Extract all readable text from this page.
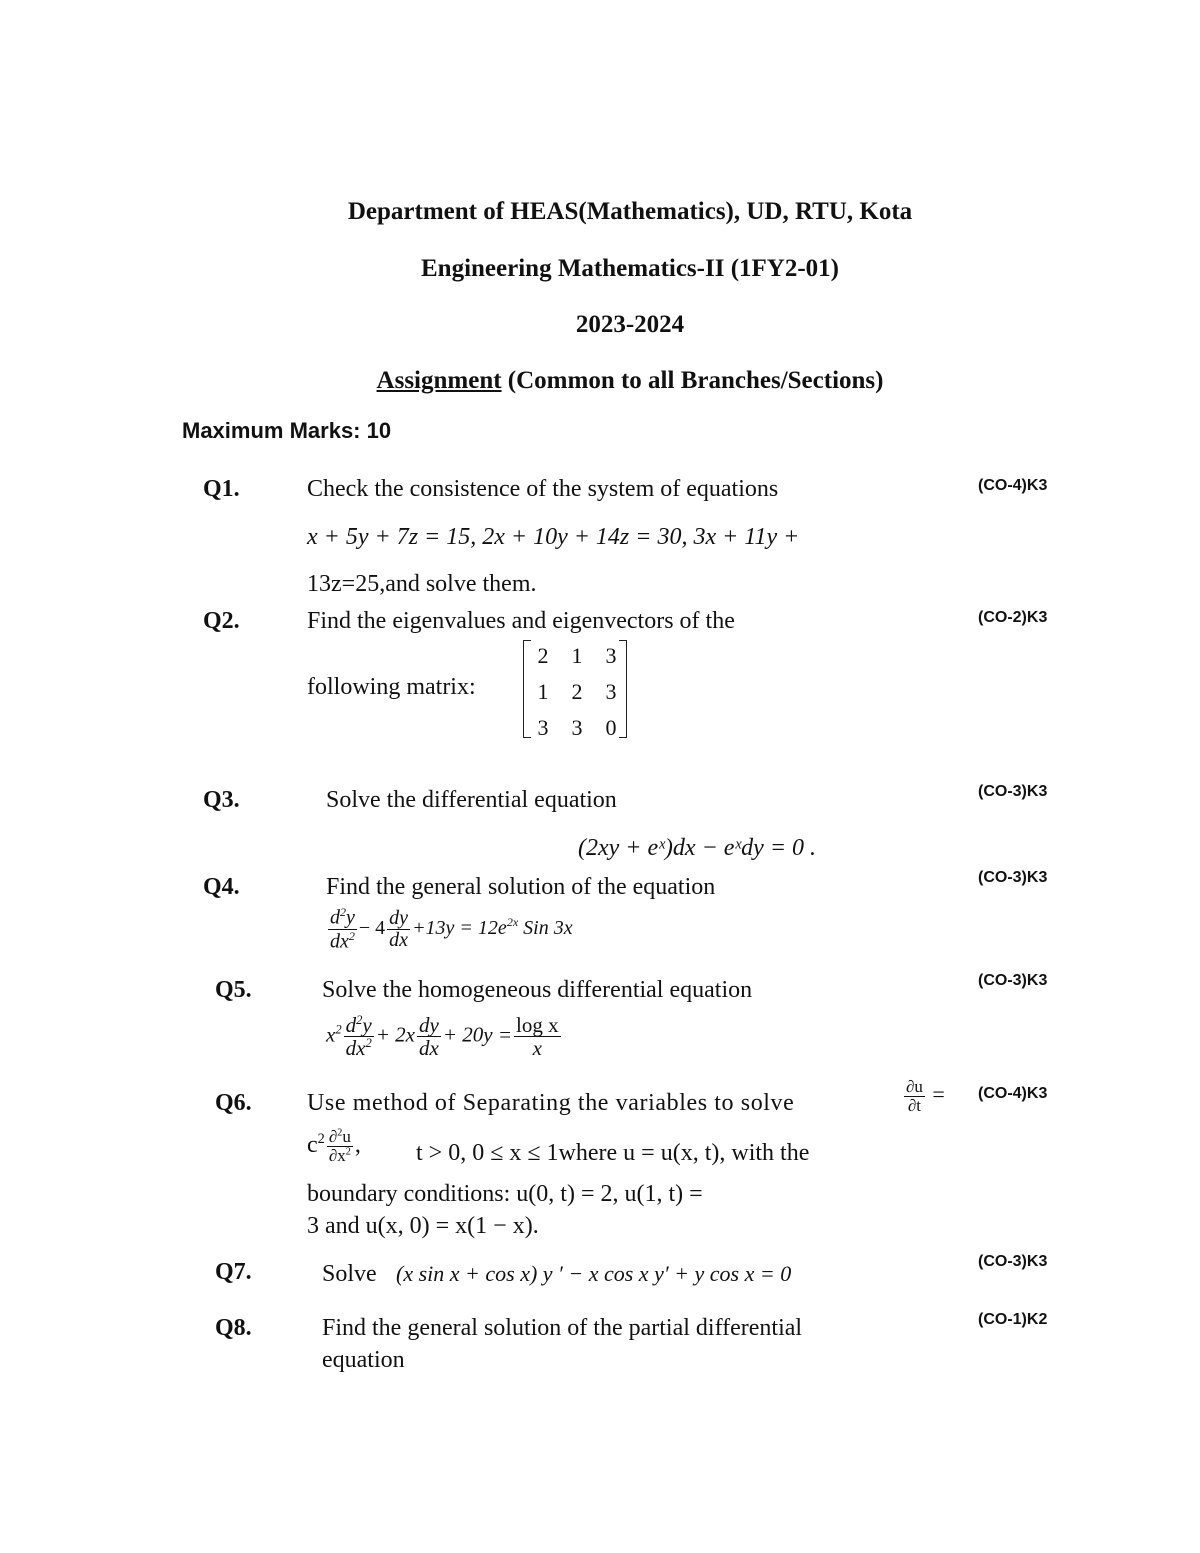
Department of HEAS(Mathematics), UD, RTU, Kota
Engineering Mathematics-II (1FY2-01)
2023-2024
Assignment (Common to all Branches/Sections)
Maximum Marks: 10
Q1.	Check the consistence of the system of equations	(CO-4)K3
x + 5y + 7z = 15, 2x + 10y + 14z = 30, 3x + 11y +
13z=25,and solve them.
Q2.	Find the eigenvalues and eigenvectors of the	(CO-2)K3
following matrix:
2	1	3
1	2	3
3	3	0
Q3.	Solve the differential equation	(CO-3)K3
(2xy + eˣ)dx − eˣdy = 0 .
Q4.	Find the general solution of the equation	(CO-3)K3
$\frac{d^2y}{dx^2} - 4 \frac{dy}{dx} +13y = 12e^{2x}$ Sin 3x
Q5.	Solve the homogeneous differential equation	(CO-3)K3
$x^2 \frac{d^2y}{dx^2} + 2x \frac{dy}{dx} + 20y = \frac{\text{log x}}{x}$
Q6. Use method of Separating the variables to solve	(CO-4)K3
$\frac{\partial u}{\partial t}$ =
$c^2 \frac{\partial^2u}{\partial x^2}$ , t > 0, 0 ≤ x ≤ 1where u = u(x, t), with the
boundary conditions: u(0, t) = 2, u(1, t) =
3 and u(x, 0) = x(1 − x).
Q7.	Solve (x sin x + cos x) y ′ − x cos x y′ + y cos x = 0	(CO-3)K3
Q8.	Find the general solution of the partial differential	(CO-1)K2
equation
